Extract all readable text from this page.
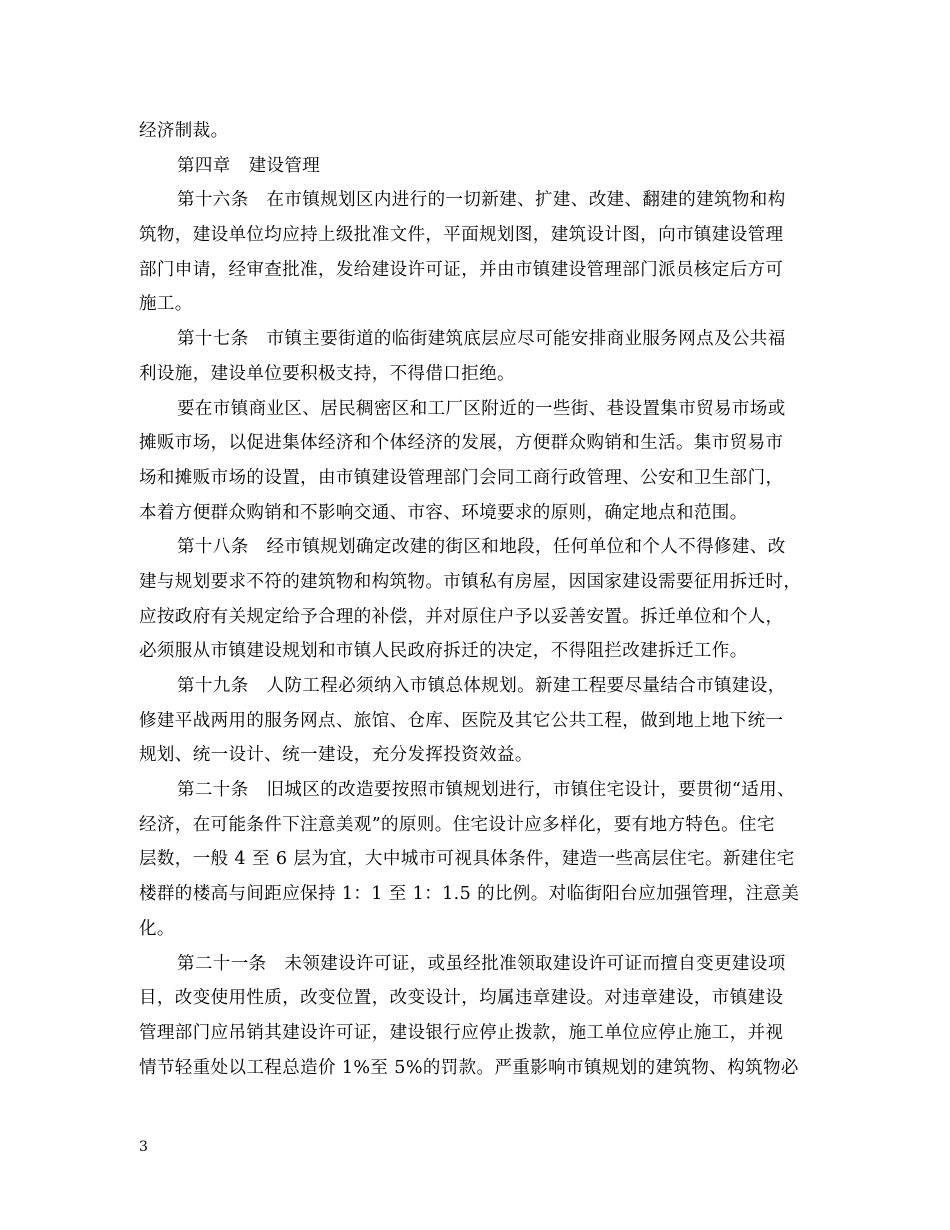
经济制裁。
第四章　建设管理
第十六条　在市镇规划区内进行的一切新建、扩建、改建、翻建的建筑物和构
筑物，建设单位均应持上级批准文件，平面规划图，建筑设计图，向市镇建设管理
部门申请，经审查批准，发给建设许可证，并由市镇建设管理部门派员核定后方可
施工。
第十七条　市镇主要街道的临街建筑底层应尽可能安排商业服务网点及公共福
利设施，建设单位要积极支持，不得借口拒绝。
要在市镇商业区、居民稠密区和工厂区附近的一些街、巷设置集市贸易市场或
摊贩市场，以促进集体经济和个体经济的发展，方便群众购销和生活。集市贸易市
场和摊贩市场的设置，由市镇建设管理部门会同工商行政管理、公安和卫生部门，
本着方便群众购销和不影响交通、市容、环境要求的原则，确定地点和范围。
第十八条　经市镇规划确定改建的街区和地段，任何单位和个人不得修建、改
建与规划要求不符的建筑物和构筑物。市镇私有房屋，因国家建设需要征用拆迁时，
应按政府有关规定给予合理的补偿，并对原住户予以妥善安置。拆迁单位和个人，
必须服从市镇建设规划和市镇人民政府拆迁的决定，不得阻拦改建拆迁工作。
第十九条　人防工程必须纳入市镇总体规划。新建工程要尽量结合市镇建设，
修建平战两用的服务网点、旅馆、仓库、医院及其它公共工程，做到地上地下统一
规划、统一设计、统一建设，充分发挥投资效益。
第二十条　旧城区的改造要按照市镇规划进行，市镇住宅设计，要贯彻“适用、
经济，在可能条件下注意美观”的原则。住宅设计应多样化，要有地方特色。住宅
层数，一般 4 至 6 层为宜，大中城市可视具体条件，建造一些高层住宅。新建住宅
楼群的楼高与间距应保持 1：1 至 1：1.5 的比例。对临街阳台应加强管理，注意美
化。
第二十一条　未领建设许可证，或虽经批准领取建设许可证而擅自变更建设项
目，改变使用性质，改变位置，改变设计，均属违章建设。对违章建设，市镇建设
管理部门应吊销其建设许可证，建设银行应停止拨款，施工单位应停止施工，并视
情节轻重处以工程总造价 1%至 5%的罚款。严重影响市镇规划的建筑物、构筑物必
3
